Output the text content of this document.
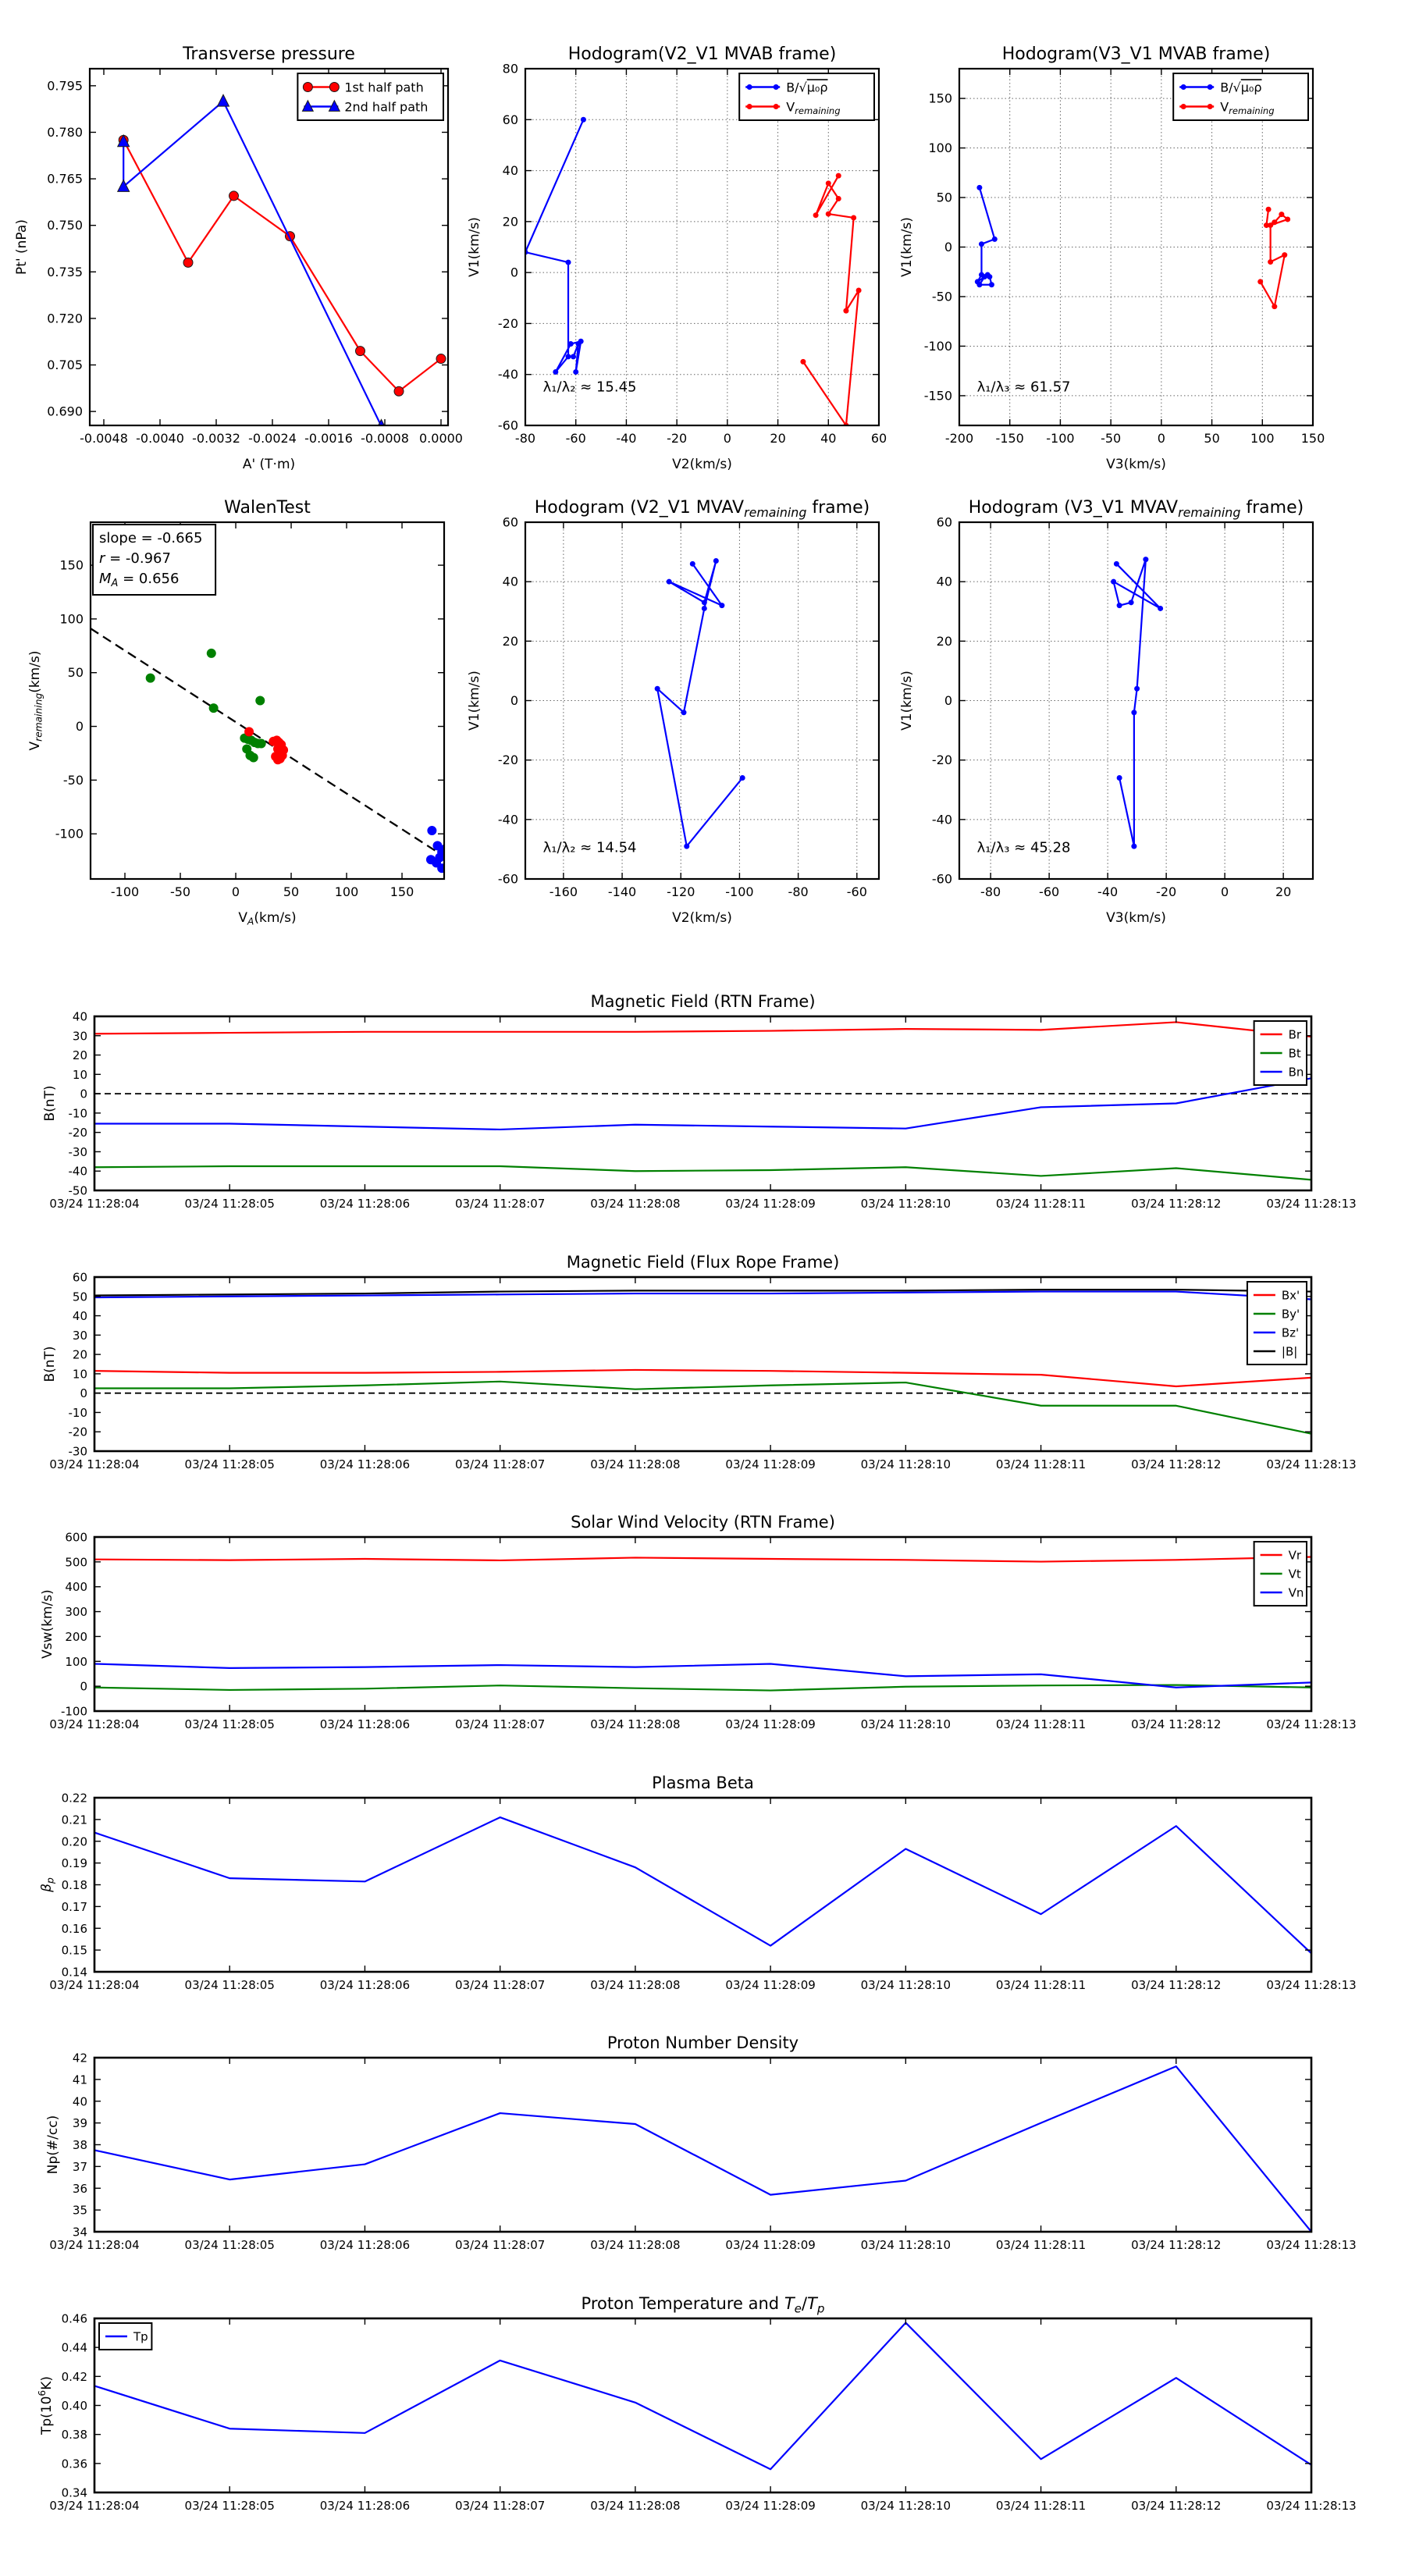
-0.0048 -0.0040 -0.0032 -0.0024 -0.0016 -0.0008 0.0000
0.690
0.705
0.720
0.735
0.750
0.765
0.780
0.795
Transverse pressure
A' (T·m)
Pt' (nPa)
1st half path
2nd half path
-80 -60 -40 -20	0	20	40	60
-60
-40
-20
0
20
40
60
80
Hodogram(V2_V1 MVAB frame)
V2(km/s)
V1(km/s)
λ₁/λ₂ ≈ 15.45
B/√μ₀ρ
$V_{remaining}$
-200 -150 -100 -50	0	50 100 150
-150
-100
-50
0
50
100
150
Hodogram(V3_V1 MVAB frame)
V3(km/s)
V1(km/s)
λ₁/λ₃ ≈ 61.57
B/√μ₀ρ
$V_{remaining}$
-100 -50	0	50	100	150
-100
-50
0
50
100
150
WalenTest
$V_A(km/s)$
$V_{remaining}(km/s)$
slope = -0.665
r = -0.967
$M_A = 0.656$
-160 -140 -120 -100	-80	-60
-60
-40
-20
0
20
40
60
Hodogram (V2_V1 $MVAV_{remaining}$ frame)
V2(km/s)
V1(km/s)
λ₁/λ₂ ≈ 14.54
-80	-60	-40	-20	0	20
-60
-40
-20
0
20
40
60
Hodogram (V3_V1 $MVAV_{remaining}$ frame)
V3(km/s)
V1(km/s)
λ₁/λ₃ ≈ 45.28
03/24 11:28:04	03/24 11:28:05	03/24 11:28:06	03/24 11:28:07	03/24 11:28:08	03/24 11:28:09	03/24 11:28:10	03/24 11:28:11	03/24 11:28:12	03/24 11:28:13
-50
-40
-30
-20
-10
0
10
20
30
40
Magnetic Field (RTN Frame)
B(nT)
Br
Bt
Bn
03/24 11:28:04	03/24 11:28:05	03/24 11:28:06	03/24 11:28:07	03/24 11:28:08	03/24 11:28:09	03/24 11:28:10	03/24 11:28:11	03/24 11:28:12	03/24 11:28:13
-30
-20
-10
0
10
20
30
40
50
60
Magnetic Field (Flux Rope Frame)
B(nT)
Bx'
By'
Bz'
|B|
03/24 11:28:04	03/24 11:28:05	03/24 11:28:06	03/24 11:28:07	03/24 11:28:08	03/24 11:28:09	03/24 11:28:10	03/24 11:28:11	03/24 11:28:12	03/24 11:28:13
-100
0
100
200
300
400
500
600
Solar Wind Velocity (RTN Frame)
Vsw(km/s)
Vr
Vt
Vn
03/24 11:28:04	03/24 11:28:05	03/24 11:28:06	03/24 11:28:07	03/24 11:28:08	03/24 11:28:09	03/24 11:28:10	03/24 11:28:11	03/24 11:28:12	03/24 11:28:13
0.14
0.15
0.16
0.17
0.18
0.19
0.20
0.21
0.22
Plasma Beta
$\beta_p$
03/24 11:28:04	03/24 11:28:05	03/24 11:28:06	03/24 11:28:07	03/24 11:28:08	03/24 11:28:09	03/24 11:28:10	03/24 11:28:11	03/24 11:28:12	03/24 11:28:13
34
35
36
37
38
39
40
41
42
Proton Number Density
Np(#/cc)
03/24 11:28:04	03/24 11:28:05	03/24 11:28:06	03/24 11:28:07	03/24 11:28:08	03/24 11:28:09	03/24 11:28:10	03/24 11:28:11	03/24 11:28:12	03/24 11:28:13
0.34
0.36
0.38
0.40
0.42
0.44
0.46
Proton Temperature and $T_e/T_p$
$Tp(10^6K)$
Tp
